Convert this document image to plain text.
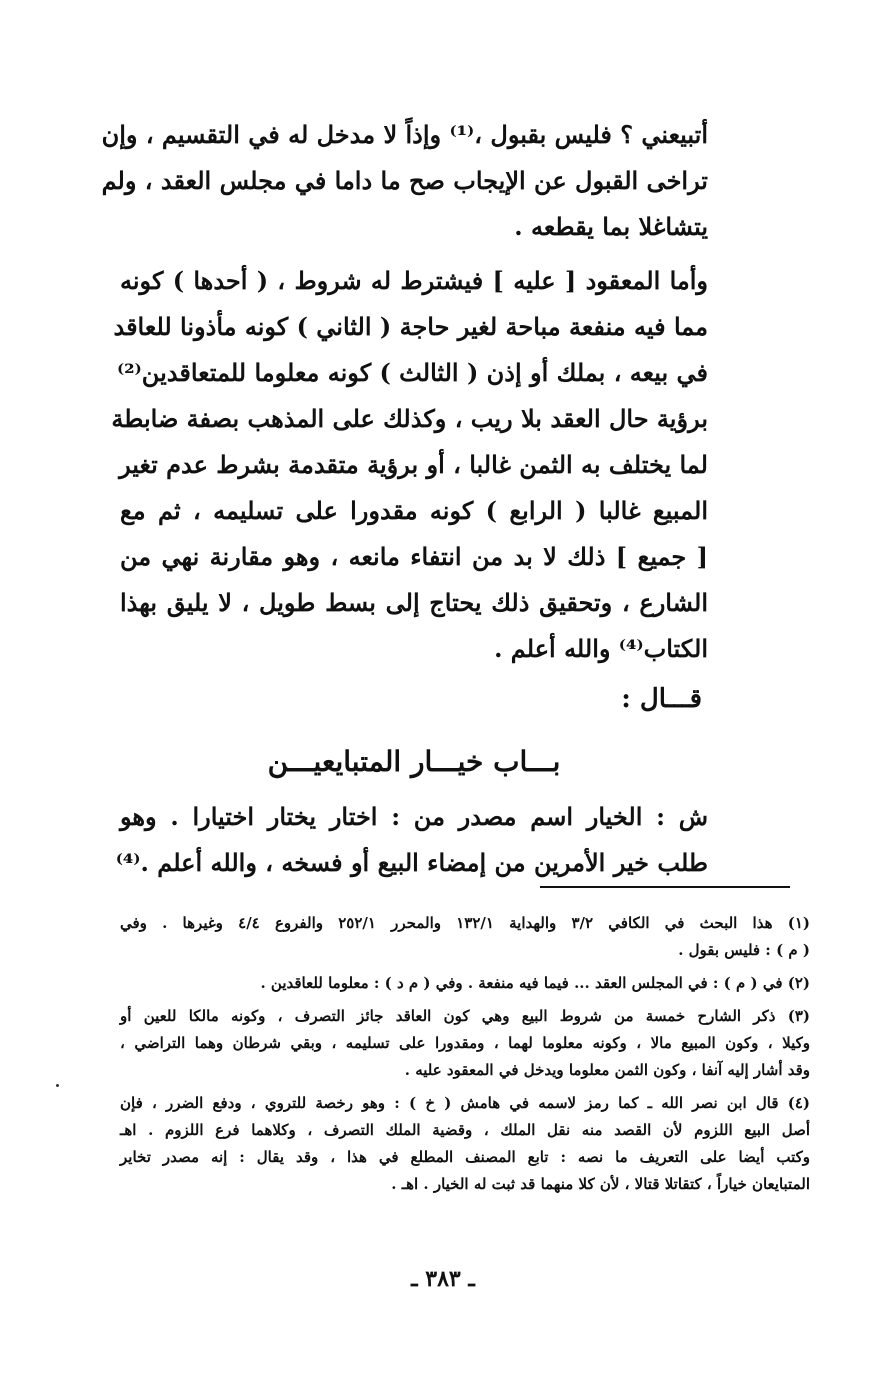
أتبيعني ؟ فليس بقبول ،⁽¹⁾ وإذاً لا مدخل له في التقسيم ، وإن
تراخى القبول عن الإيجاب صح ما داما في مجلس العقد ، ولم
يتشاغلا بما يقطعه .
وأما المعقود [ عليه ] فيشترط له شروط ، ( أحدها ) كونه
مما فيه منفعة مباحة لغير حاجة ( الثاني ) كونه مأذونا للعاقد
في بيعه ، بملك أو إذن ( الثالث ) كونه معلوما للمتعاقدين⁽²⁾
برؤية حال العقد بلا ريب ، وكذلك على المذهب بصفة ضابطة
لما يختلف به الثمن غالبا ، أو برؤية متقدمة بشرط عدم تغير
المبيع غالبا ( الرابع ) كونه مقدورا على تسليمه ، ثم مع
[ جميع ] ذلك لا بد من انتفاء مانعه ، وهو مقارنة نهي من
الشارع ، وتحقيق ذلك يحتاج إلى بسط طويل ، لا يليق بهذا
الكتاب⁽⁴⁾ والله أعلم .
قـــال :
بـــاب خيـــار المتبايعيـــن
ش : الخيار اسم مصدر من : اختار يختار اختيارا . وهو
طلب خير الأمرين من إمضاء البيع أو فسخه ، والله أعلم .⁽⁴⁾
(١) هذا البحث في الكافي ٣/٢ والهداية ١٣٢/١ والمحرر ٢٥٢/١ والفروع ٤/٤ وغيرها . وفي
( م ) : فليس بقول .
(٢) في ( م ) : في المجلس العقد ... فيما فيه منفعة . وفي ( م د ) : معلوما للعاقدين .
(٣) ذكر الشارح خمسة من شروط البيع وهي كون العاقد جائز التصرف ، وكونه مالكا للعين أو
وكيلا ، وكون المبيع مالا ، وكونه معلوما لهما ، ومقدورا على تسليمه ، وبقي شرطان وهما التراضي ،
وقد أشار إليه آنفا ، وكون الثمن معلوما ويدخل في المعقود عليه .
(٤) قال ابن نصر الله ـ كما رمز لاسمه في هامش ( خ ) : وهو رخصة للتروي ، ودفع الضرر ، فإن
أصل البيع اللزوم لأن القصد منه نقل الملك ، وقضية الملك التصرف ، وكلاهما فرع اللزوم . اهـ
وكتب أيضا على التعريف ما نصه : تابع المصنف المطلع في هذا ، وقد يقال : إنه مصدر تخاير
المتبايعان خياراً ، كتقاتلا قتالا ، لأن كلا منهما قد ثبت له الخيار . اهـ .
ـ ٣٨٣ ـ
